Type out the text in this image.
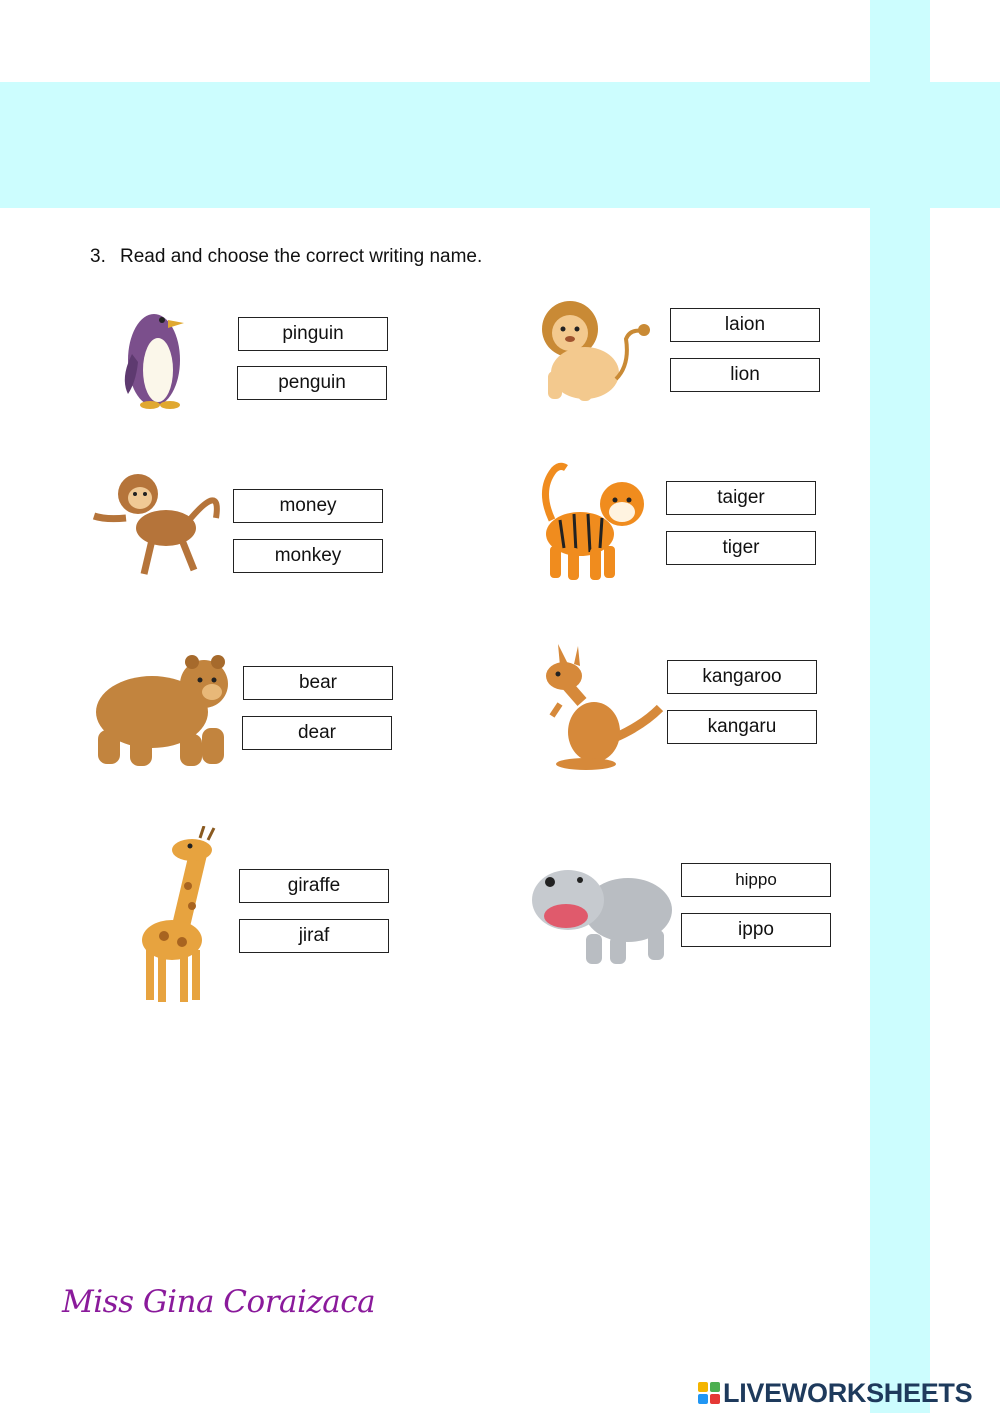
3. Read and choose the correct writing name.
pinguin
penguin
laion
lion
money
monkey
taiger
tiger
bear
dear
kangaroo
kangaru
giraffe
jiraf
hippo
ippo
Miss Gina Coraizaca
LIVEWORKSHEETS
